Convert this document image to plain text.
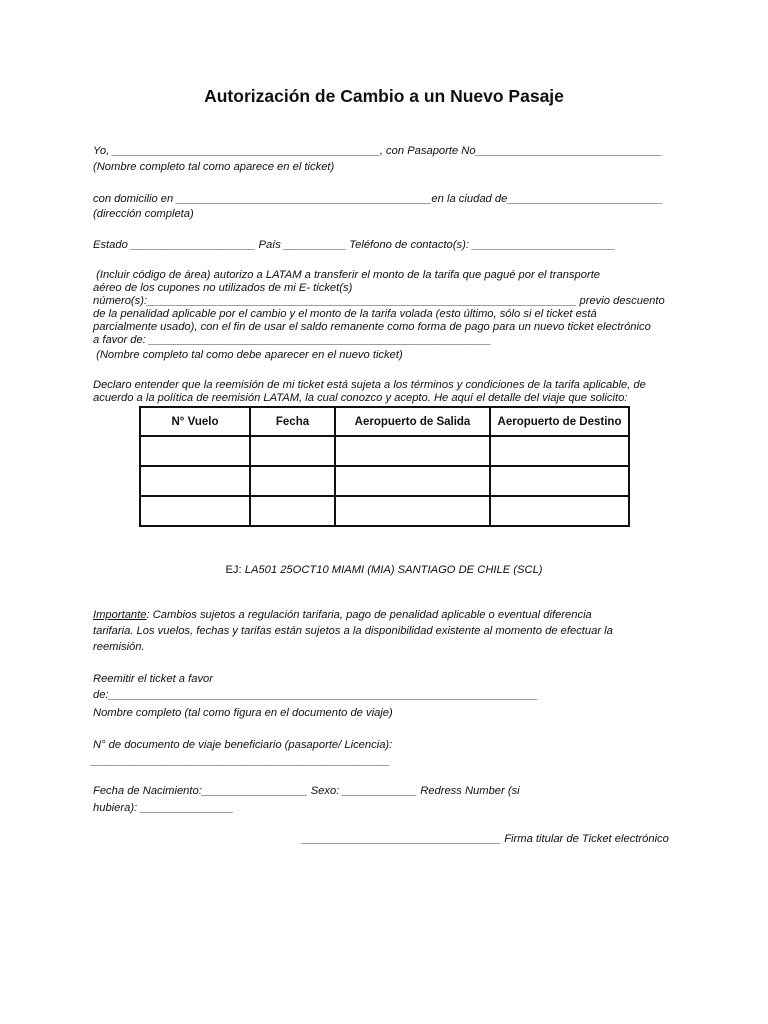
Autorización de Cambio a un Nuevo Pasaje

Yo, ___________________________________________, con Pasaporte No______________________________

(Nombre completo tal como aparece en el ticket)

con domicilio en _________________________________________en la ciudad de_________________________

(dirección completa)

Estado ____________________ País __________ Teléfono de contacto(s): _______________________

(Incluir código de área) autorizo a LATAM a transferir el monto de la tarifa que pagué por el transporte

aéreo de los cupones no utilizados de mi E- ticket(s)

número(s):_____________________________________________________________________ previo descuento

de la penalidad aplicable por el cambio y el monto de la tarifa volada (esto último, sólo si el ticket está

parcialmente usado), con el fin de usar el saldo remanente como forma de pago para un nuevo ticket electrónico

a favor de: _______________________________________________________

(Nombre completo tal como debe aparecer en el nuevo ticket)

Declaro entender que la reemisión de mi ticket está sujeta a los términos y condiciones de la tarifa aplicable, de

acuerdo a la política de reemisión LATAM, la cual conozco y acepto. He aquí el detalle del viaje que solicito:

N° Vuelo	Fecha	Aeropuerto de Salida	Aeropuerto de Destino

EJ: LA501 25OCT10 MIAMI (MIA) SANTIAGO DE CHILE (SCL)

Importante: Cambios sujetos a regulación tarifaria, pago de penalidad aplicable o eventual diferencia

tarifaria. Los vuelos, fechas y tarifas están sujetos a la disponibilidad existente al momento de efectuar la

reemisión.

Reemitir el ticket a favor

de:_____________________________________________________________________

Nombre completo (tal como figura en el documento de viaje)

N° de documento de viaje beneficiario (pasaporte/ Licencia):

________________________________________________

Fecha de Nacimiento:_________________ Sexo: ____________ Redress Number (si

hubiera): _______________

________________________________ Firma titular de Ticket electrónico
